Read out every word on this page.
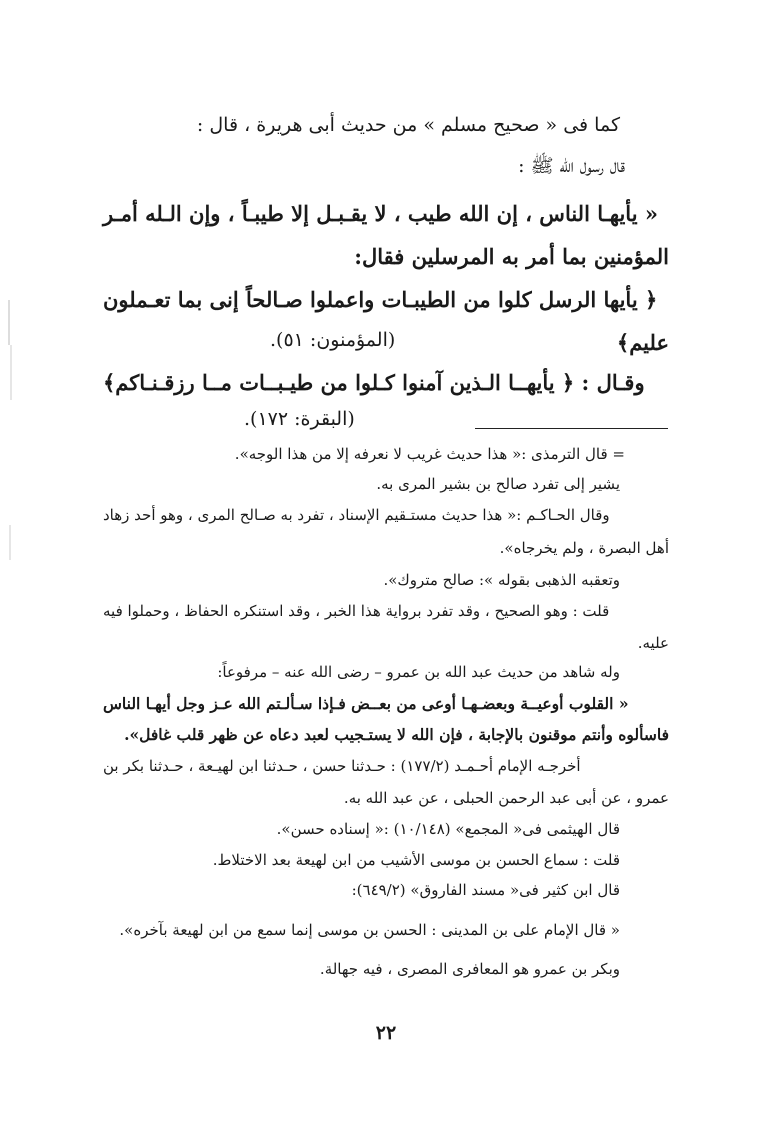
كما فى « صحيح مسلم » من حديث أبى هريرة ، قال :
قال رسول الله ﷺ :
« يأيهـا الناس ، إن الله طيب ، لا يقـبـل إلا طيبـاً ، وإن الـله أمـر
المؤمنين بما أمر به المرسلين فقال:
﴿ يأيها الرسل كلوا من الطيبـات واعملوا صـالحاً إنى بما تعـملون
عليم﴾
(المؤمنون: ٥١).
وقـال : ﴿ يأيهــا الـذين آمنوا كـلوا من طيـبــات مــا رزقـنـاكم﴾
(البقرة: ١٧٢).
= قال الترمذى :« هذا حديث غريب لا نعرفه إلا من هذا الوجه».
يشير إلى تفرد صالح بن بشير المرى به.
وقال الحـاكـم :« هذا حديث مستـقيم الإسناد ، تفرد به صـالح المرى ، وهو أحد زهاد
أهل البصرة ، ولم يخرجاه».
وتعقبه الذهبى بقوله »: صالح متروك».
قلت : وهو الصحيح ، وقد تفرد برواية هذا الخبر ، وقد استنكره الحفاظ ، وحملوا فيه
عليه.
وله شاهد من حديث عبد الله بن عمرو – رضى الله عنه – مرفوعاً:
« القلوب أوعيــة وبعضـهـا أوعى من بعــض فـإذا سـألـتم الله عـز وجل أيهـا الناس
فاسألوه وأنتم موقنون بالإجابة ، فإن الله لا يستـجيب لعبد دعاه عن ظهر قلب غافل».
أخرجـه الإمام أحـمـد (١٧٧/٢) : حـدثنا حسن ، حـدثنا ابن لهيـعة ، حـدثنا بكر بن
عمرو ، عن أبى عبد الرحمن الحبلى ، عن عبد الله به.
قال الهيثمى فى« المجمع» (١٠/١٤٨) :« إسناده حسن».
قلت : سماع الحسن بن موسى الأشيب من ابن لهيعة بعد الاختلاط.
قال ابن كثير فى« مسند الفاروق» (٦٤٩/٢):
« قال الإمام على بن المدينى : الحسن بن موسى إنما سمع من ابن لهيعة بآخره».
وبكر بن عمرو هو المعافرى المصرى ، فيه جهالة.
٢٢
